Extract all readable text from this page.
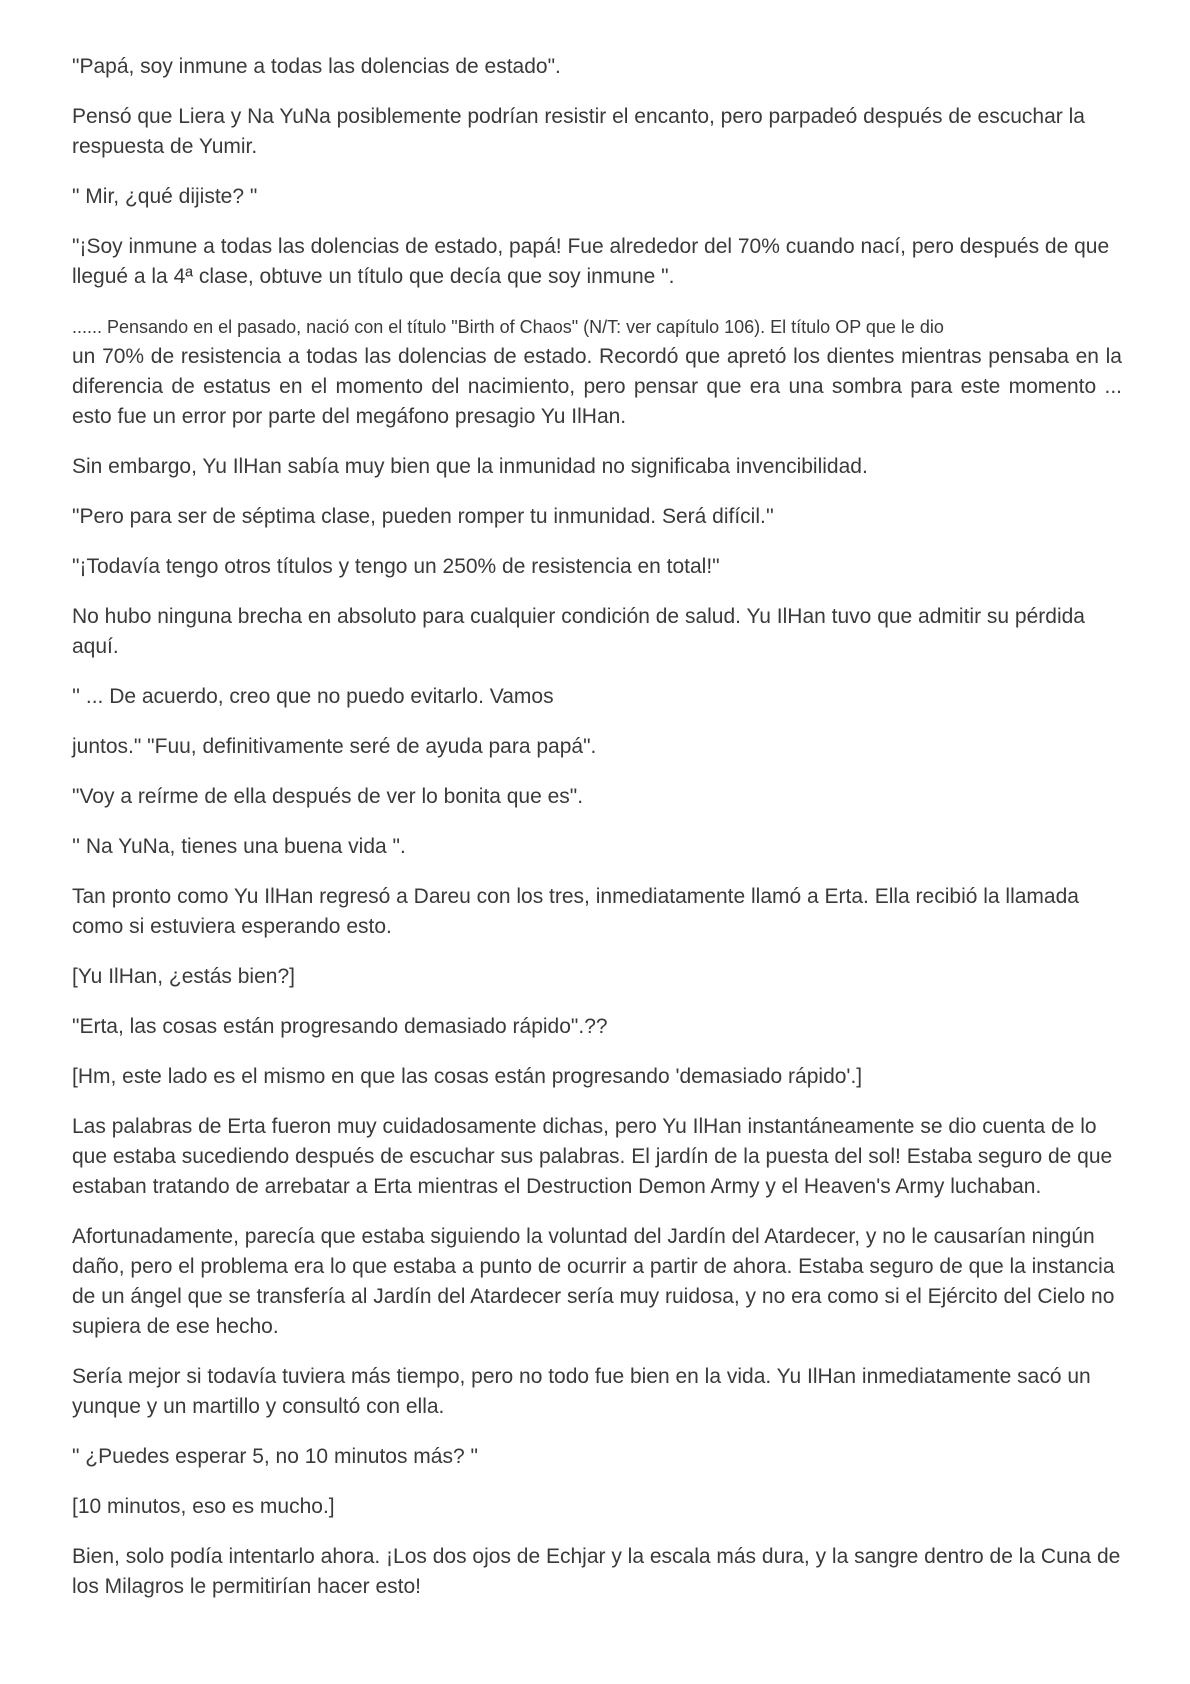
"Papá, soy inmune a todas las dolencias de estado".

Pensó que Liera y Na YuNa posiblemente podrían resistir el encanto, pero parpadeó después de escuchar la respuesta de Yumir.

" Mir, ¿qué dijiste? "

"¡Soy inmune a todas las dolencias de estado, papá! Fue alrededor del 70% cuando nací, pero después de que llegué a la 4ª clase, obtuve un título que decía que soy inmune ".

...... Pensando en el pasado, nació con el título "Birth of Chaos" (N/T: ver capítulo 106). El título OP que le dio

un 70% de resistencia a todas las dolencias de estado. Recordó que apretó los dientes mientras pensaba en la diferencia de estatus en el momento del nacimiento, pero pensar que era una sombra para este momento ... esto fue un error por parte del megáfono presagio Yu IlHan.

Sin embargo, Yu IlHan sabía muy bien que la inmunidad no significaba invencibilidad.

"Pero para ser de séptima clase, pueden romper tu inmunidad. Será difícil.''

"¡Todavía tengo otros títulos y tengo un 250% de resistencia en total!"

No hubo ninguna brecha en absoluto para cualquier condición de salud. Yu IlHan tuvo que admitir su pérdida aquí.

'' ... De acuerdo, creo que no puedo evitarlo. Vamos

juntos." "Fuu, definitivamente seré de ayuda para papá".

"Voy a reírme de ella después de ver lo bonita que es".

'' Na YuNa, tienes una buena vida ".

Tan pronto como Yu IlHan regresó a Dareu con los tres, inmediatamente llamó a Erta. Ella recibió la llamada como si estuviera esperando esto.

[Yu IlHan, ¿estás bien?]

"Erta, las cosas están progresando demasiado rápido".??

[Hm, este lado es el mismo en que las cosas están progresando 'demasiado rápido'.]

Las palabras de Erta fueron muy cuidadosamente dichas, pero Yu IlHan instantáneamente se dio cuenta de lo que estaba sucediendo después de escuchar sus palabras. El jardín de la puesta del sol! Estaba seguro de que estaban tratando de arrebatar a Erta mientras el Destruction Demon Army y el Heaven's Army luchaban.

Afortunadamente, parecía que estaba siguiendo la voluntad del Jardín del Atardecer, y no le causarían ningún daño, pero el problema era lo que estaba a punto de ocurrir a partir de ahora. Estaba seguro de que la instancia de un ángel que se transfería al Jardín del Atardecer sería muy ruidosa, y no era como si el Ejército del Cielo no supiera de ese hecho.

Sería mejor si todavía tuviera más tiempo, pero no todo fue bien en la vida. Yu IlHan inmediatamente sacó un yunque y un martillo y consultó con ella.

" ¿Puedes esperar 5, no 10 minutos más? "

[10 minutos, eso es mucho.]

Bien, solo podía intentarlo ahora. ¡Los dos ojos de Echjar y la escala más dura, y la sangre dentro de la Cuna de los Milagros le permitirían hacer esto!
